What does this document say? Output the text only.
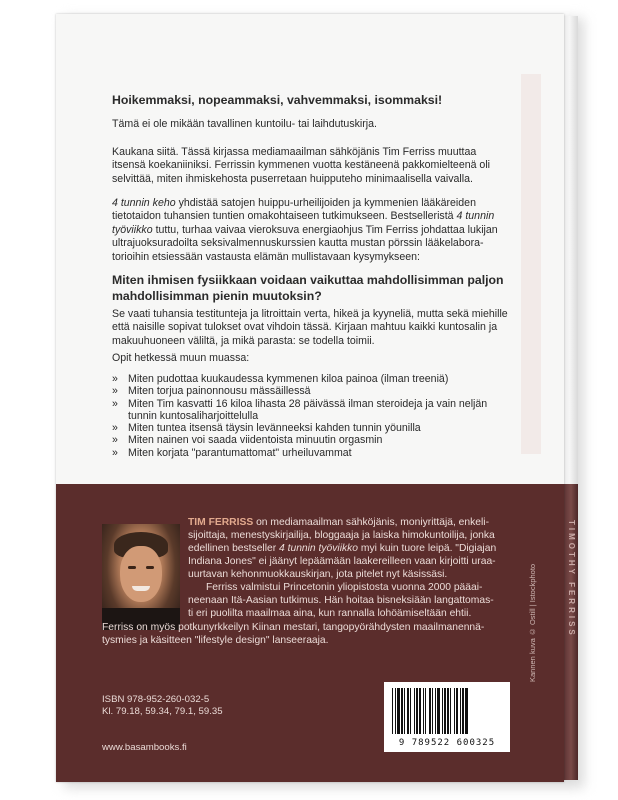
TIMOTHY FERRISS

Hoikemmaksi, nopeammaksi, vahvemmaksi, isommaksi!

Tämä ei ole mikään tavallinen kuntoilu- tai laihdutuskirja.

Kaukana siitä. Tässä kirjassa mediamaailman sähköjänis Tim Ferriss muuttaa
itsensä koekaniiniksi. Ferrissin kymmenen vuotta kestäneenä pakkomielteenä oli
selvittää, miten ihmiskehosta puserretaan huipputeho minimaalisella vaivalla.

4 tunnin keho yhdistää satojen huippu-urheilijoiden ja kymmenien lääkäreiden
tietotaidon tuhansien tuntien omakohtaiseen tutkimukseen. Bestselleristä 4 tunnin
työviikko tuttu, turhaa vaivaa vieroksuva energiaohjus Tim Ferriss johdattaa lukijan
ultrajuoksuradoilta seksivalmennuskurssien kautta mustan pörssin lääkelabora-
torioihin etsiessään vastausta elämän mullistavaan kysymykseen:

Miten ihmisen fysiikkaan voidaan vaikuttaa mahdollisimman paljon
mahdollisimman pienin muutoksin?

Se vaati tuhansia testitunteja ja litroittain verta, hikeä ja kyyneliä, mutta sekä miehille
että naisille sopivat tulokset ovat vihdoin tässä. Kirjaan mahtuu kaikki kuntosalin ja
makuuhuoneen väliltä, ja mikä parasta: se todella toimii.

Opit hetkessä muun muassa:

» Miten pudottaa kuukaudessa kymmenen kiloa painoa (ilman treeniä)
» Miten torjua painonnousu mässäillessä
» Miten Tim kasvatti 16 kiloa lihasta 28 päivässä ilman steroideja ja vain neljän
tunnin kuntosaliharjoittelulla
» Miten tuntea itsensä täysin levänneeksi kahden tunnin yöunilla
» Miten nainen voi saada viidentoista minuutin orgasmin
» Miten korjata "parantumattomat" urheiluvammat

TIM FERRISS on mediamaailman sähköjänis, moniyrittäjä, enkeli-
sijoittaja, menestyskirjailija, bloggaaja ja laiska himokuntoilija, jonka
edellinen bestseller 4 tunnin työviikko myi kuin tuore leipä. "Digiajan
Indiana Jones" ei jäänyt lepäämään laakereilleen vaan kirjoitti uraa-
uurtavan kehonmuokkauskirjan, jota pitelet nyt käsissäsi.
Ferriss valmistui Princetonin yliopistosta vuonna 2000 pääai-
neenaan Itä-Aasian tutkimus. Hän hoitaa bisneksiään langattomas-
ti eri puolilta maailmaa aina, kun rannalla lohöämiseltään ehtii.

Ferriss on myös potkunyrkkeilyn Kiinan mestari, tangopyörähdysten maailmanennä-
tysmies ja käsitteen "lifestyle design" lanseeraaja.	Kannen kuva © Ostill | Istockphoto

ISBN 978-952-260-032-5
Kl. 79.18, 59.34, 79.1, 59.35

www.basambooks.fi	9 789522 600325
